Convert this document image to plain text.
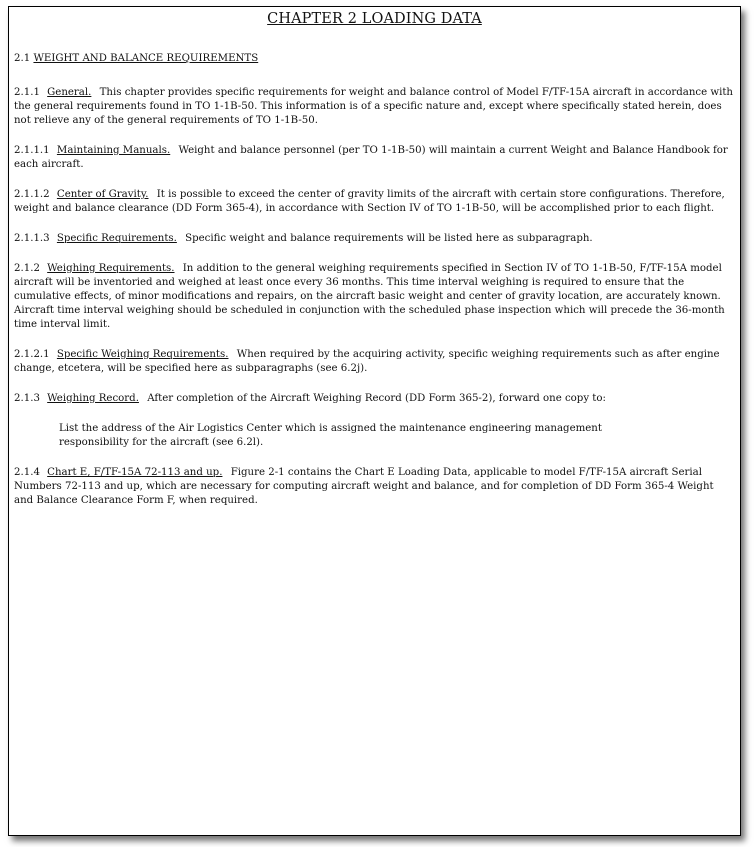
CHAPTER 2 LOADING DATA
2.1 WEIGHT AND BALANCE REQUIREMENTS
2.1.1 General. This chapter provides specific requirements for weight and balance control of Model F/TF-15A aircraft in accordance with the general requirements found in TO 1-1B-50. This information is of a specific nature and, except where specifically stated herein, does not relieve any of the general requirements of TO 1-1B-50.
2.1.1.1 Maintaining Manuals. Weight and balance personnel (per TO 1-1B-50) will maintain a current Weight and Balance Handbook for each aircraft.
2.1.1.2 Center of Gravity. It is possible to exceed the center of gravity limits of the aircraft with certain store configurations. Therefore, weight and balance clearance (DD Form 365-4), in accordance with Section IV of TO 1-1B-50, will be accomplished prior to each flight.
2.1.1.3 Specific Requirements. Specific weight and balance requirements will be listed here as subparagraph.
2.1.2 Weighing Requirements. In addition to the general weighing requirements specified in Section IV of TO 1-1B-50, F/TF-15A model aircraft will be inventoried and weighed at least once every 36 months. This time interval weighing is required to ensure that the cumulative effects, of minor modifications and repairs, on the aircraft basic weight and center of gravity location, are accurately known. Aircraft time interval weighing should be scheduled in conjunction with the scheduled phase inspection which will precede the 36-month time interval limit.
2.1.2.1 Specific Weighing Requirements. When required by the acquiring activity, specific weighing requirements such as after engine change, etcetera, will be specified here as subparagraphs (see 6.2j).
2.1.3 Weighing Record. After completion of the Aircraft Weighing Record (DD Form 365-2), forward one copy to:
List the address of the Air Logistics Center which is assigned the maintenance engineering management responsibility for the aircraft (see 6.2l).
2.1.4 Chart E, F/TF-15A 72-113 and up. Figure 2-1 contains the Chart E Loading Data, applicable to model F/TF-15A aircraft Serial Numbers 72-113 and up, which are necessary for computing aircraft weight and balance, and for completion of DD Form 365-4 Weight and Balance Clearance Form F, when required.
